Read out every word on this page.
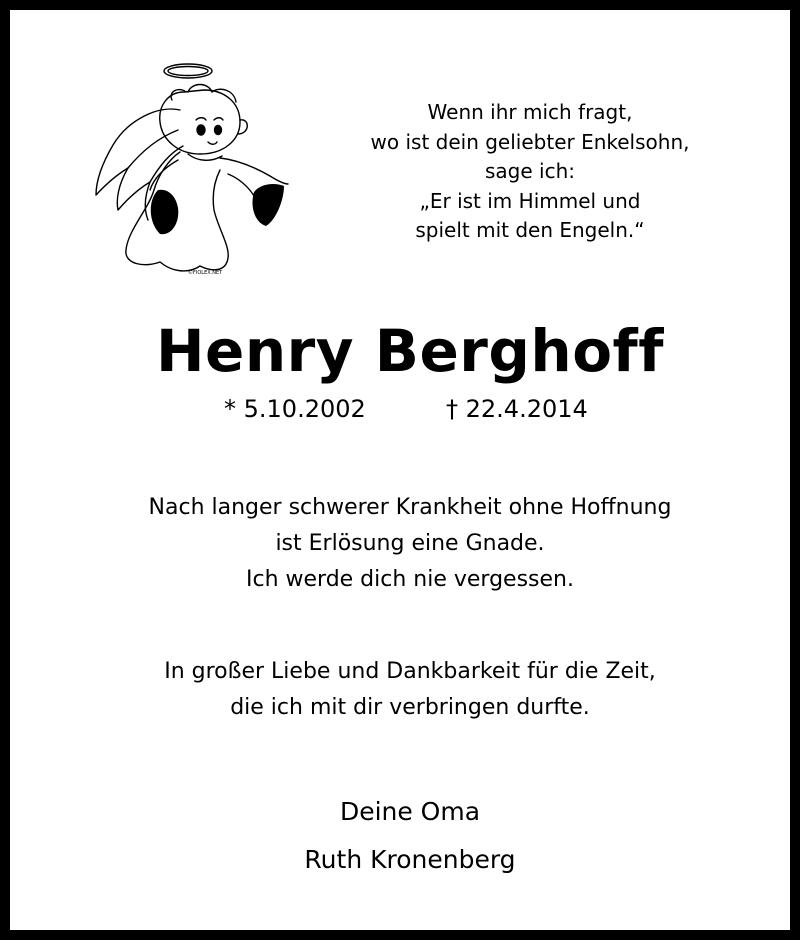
©FIOLEX.NET
Wenn ihr mich fragt,
wo ist dein geliebter Enkelsohn,
sage ich:
„Er ist im Himmel und
spielt mit den Engeln.“
Henry Berghoff
* 5.10.2002	† 22.4.2014
Nach langer schwerer Krankheit ohne Hoffnung
ist Erlösung eine Gnade.
Ich werde dich nie vergessen.
In großer Liebe und Dankbarkeit für die Zeit,
die ich mit dir verbringen durfte.
Deine Oma
Ruth Kronenberg
